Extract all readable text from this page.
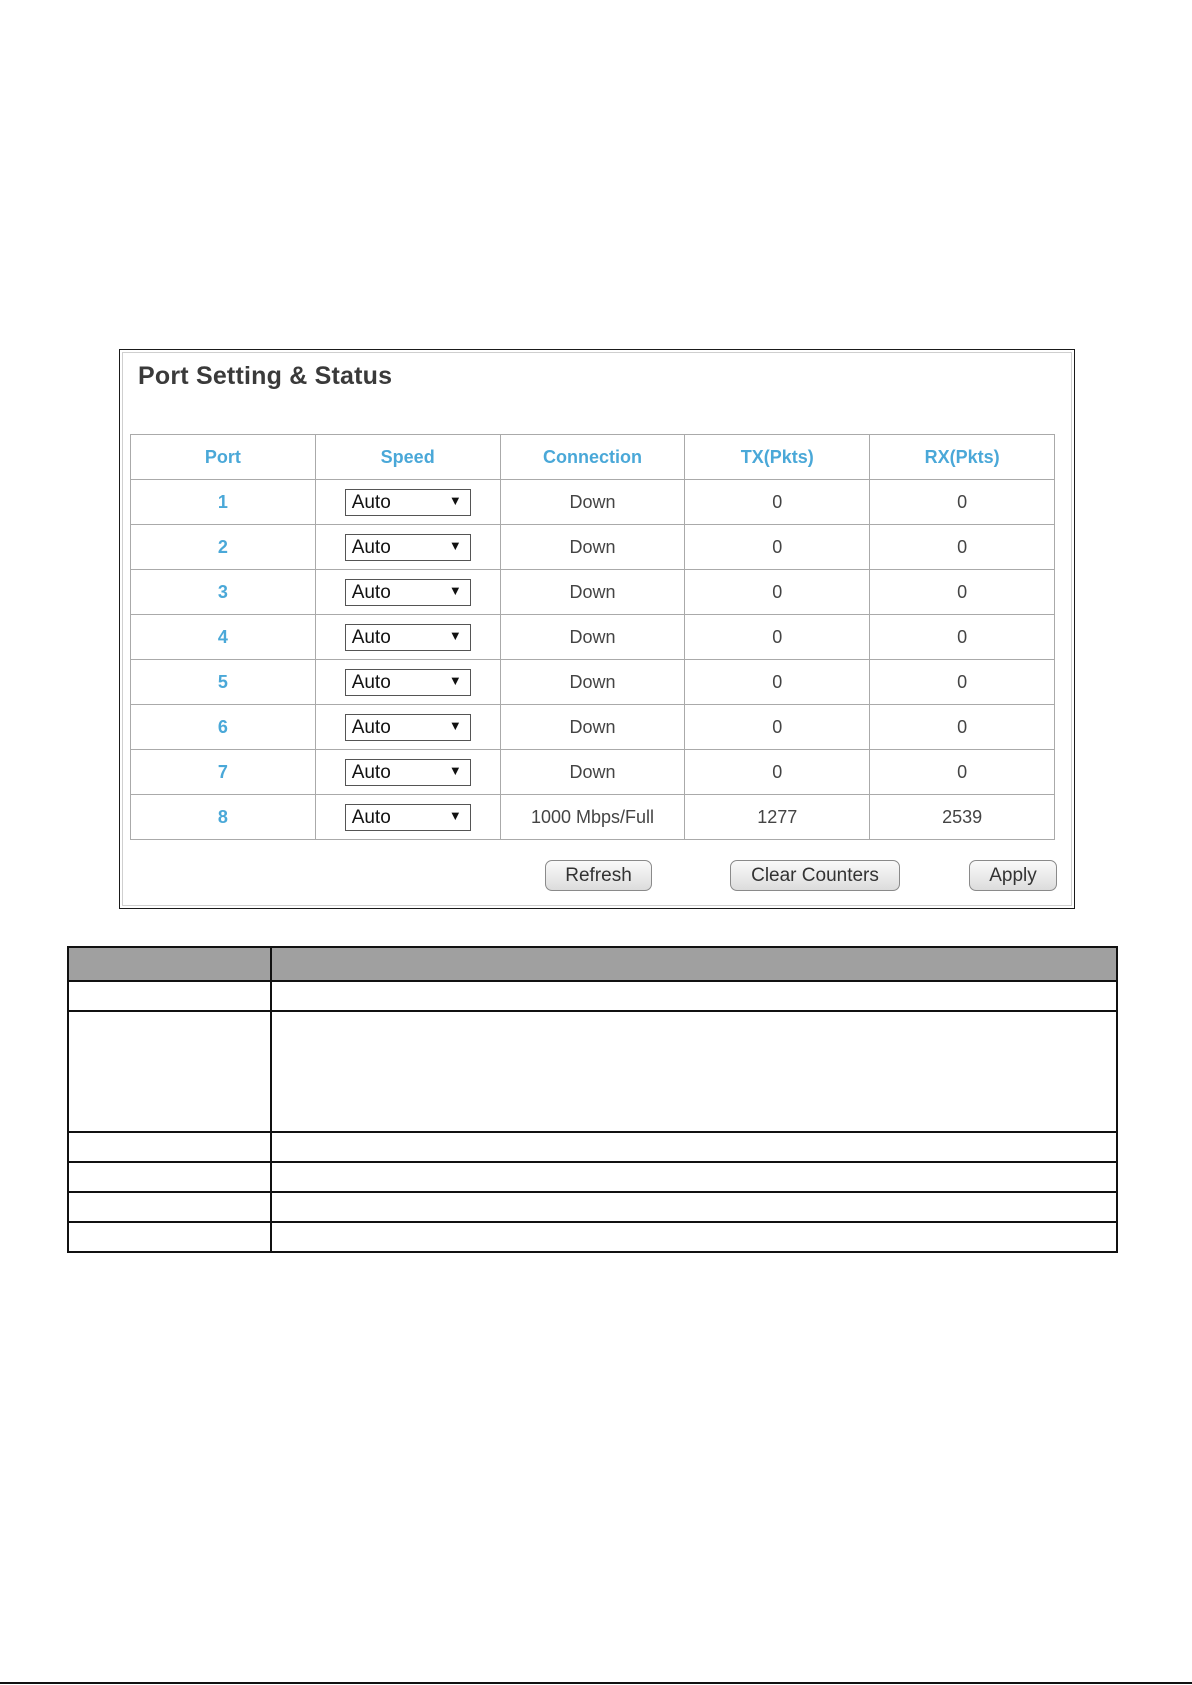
Port Setting & Status
Port	Speed	Connection	TX(Pkts)	RX(Pkts)
1	Auto ▼	Down	0	0
2	Auto ▼	Down	0	0
3	Auto ▼	Down	0	0
4	Auto ▼	Down	0	0
5	Auto ▼	Down	0	0
6	Auto ▼	Down	0	0
7	Auto ▼	Down	0	0
8	Auto ▼	1000 Mbps/Full	1277	2539
Refresh	Clear Counters	Apply
